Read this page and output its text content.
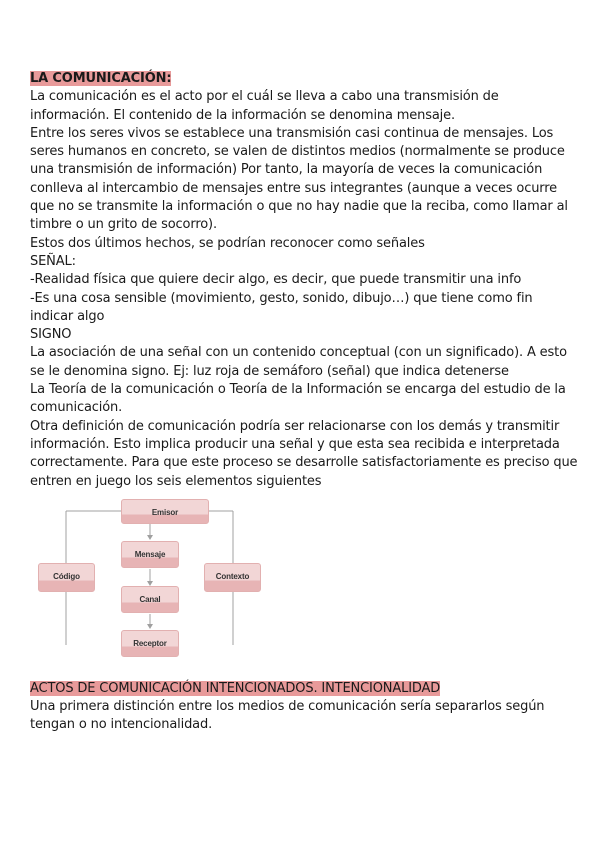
LA COMUNICACIÓN:

La comunicación es el acto por el cuál se lleva a cabo una transmisión de información. El contenido de la información se denomina mensaje.

Entre los seres vivos se establece una transmisión casi continua de mensajes. Los seres humanos en concreto, se valen de distintos medios (normalmente se produce una transmisión de información) Por tanto, la mayoría de veces la comunicación conlleva al intercambio de mensajes entre sus integrantes (aunque a veces ocurre que no se transmite la información o que no hay nadie que la reciba, como llamar al timbre o un grito de socorro).

Estos dos últimos hechos, se podrían reconocer como señales

SEÑAL:

-Realidad física que quiere decir algo, es decir, que puede transmitir una info

-Es una cosa sensible (movimiento, gesto, sonido, dibujo…) que tiene como fin indicar algo

SIGNO

La asociación de una señal con un contenido conceptual (con un significado). A esto se le denomina signo. Ej: luz roja de semáforo (señal) que indica detenerse

La Teoría de la comunicación o Teoría de la Información se encarga del estudio de la comunicación.

Otra definición de comunicación podría ser relacionarse con los demás y transmitir información. Esto implica producir una señal y que esta sea recibida e interpretada correctamente. Para que este proceso se desarrolle satisfactoriamente es preciso que entren en juego los seis elementos siguientes

Emisor
Mensaje
Canal
Receptor
Código	Contexto

ACTOS DE COMUNICACIÓN INTENCIONADOS. INTENCIONALIDAD

Una primera distinción entre los medios de comunicación sería separarlos según tengan o no intencionalidad.
